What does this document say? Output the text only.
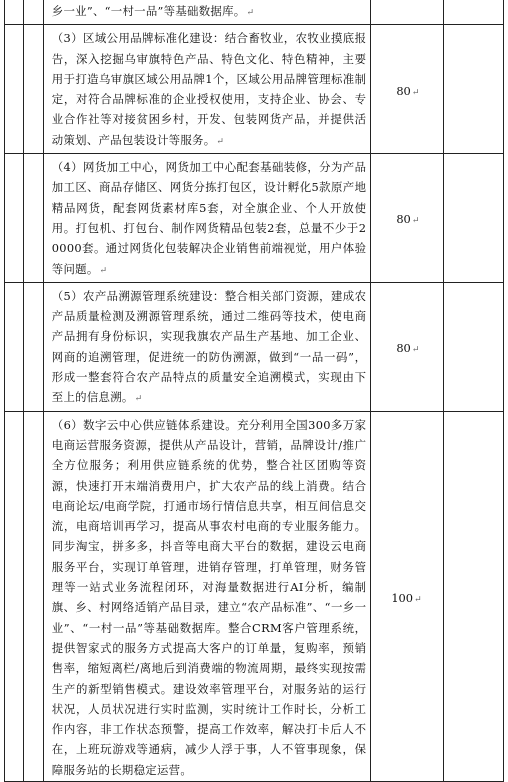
		乡一业”、“一村一品”等基础数据库。↵		

		（3）区域公用品牌标准化建设：结合畜牧业，农牧业摸底报告，深入挖掘乌审旗特色产品、特色文化、特色精神，主要用于打造乌审旗区域公用品牌1个，区域公用品牌管理标准制定，对符合品牌标准的企业授权使用，支持企业、协会、专业合作社等对接贫困乡村，开发、包装网货产品，并提供活动策划、产品包装设计等服务。↵	80↵	

		（4）网货加工中心，网货加工中心配套基础装修，分为产品加工区、商品存储区、网货分拣打包区，设计孵化5款原产地精品网货，配套网货素材库5套，对全旗企业、个人开放使用。打包机、打包台、制作网货精品包装2套，总量不少于20000套。通过网货化包装解决企业销售前端视觉，用户体验等问题。↵	80↵	

		（5）农产品溯源管理系统建设：整合相关部门资源，建成农产品质量检测及溯源管理系统，通过二维码等技术，使电商产品拥有身份标识，实现我旗农产品生产基地、加工企业、网商的追溯管理，促进统一的防伪溯源，做到“一品一码”，形成一整套符合农产品特点的质量安全追溯模式，实现由下至上的信息溯。↵	80↵	

		（6）数字云中心供应链体系建设。充分利用全国300多万家电商运营服务资源，提供从产品设计，营销，品牌设计/推广全方位服务；利用供应链系统的优势，整合社区团购等资源，快速打开末端消费用户，扩大农产品的线上消费。结合电商论坛/电商学院，打通市场行情信息共享，相互间信息交流，电商培训再学习，提高从事农村电商的专业服务能力。同步淘宝，拼多多，抖音等电商大平台的数据，建设云电商服务平台，实现订单管理，进销存管理，打单管理，财务管理等一站式业务流程闭环，对海量数据进行AI分析，编制旗、乡、村网络适销产品目录，建立“农产品标准”、“一乡一业”、“一村一品”等基础数据库。整合CRM客户管理系统，提供智家式的服务方式提高大客户的订单量，复购率，预销售率，缩短离栏/离地后到消费端的物流周期，最终实现按需生产的新型销售模式。建设效率管理平台，对服务站的运行状况，人员状况进行实时监测，实时统计工作时长，分析工作内容，非工作状态预警，提高工作效率，解决打卡后人不在，上班玩游戏等通病，减少人浮于事，人不管事现象，保障服务站的长期稳定运营。	100↵	
